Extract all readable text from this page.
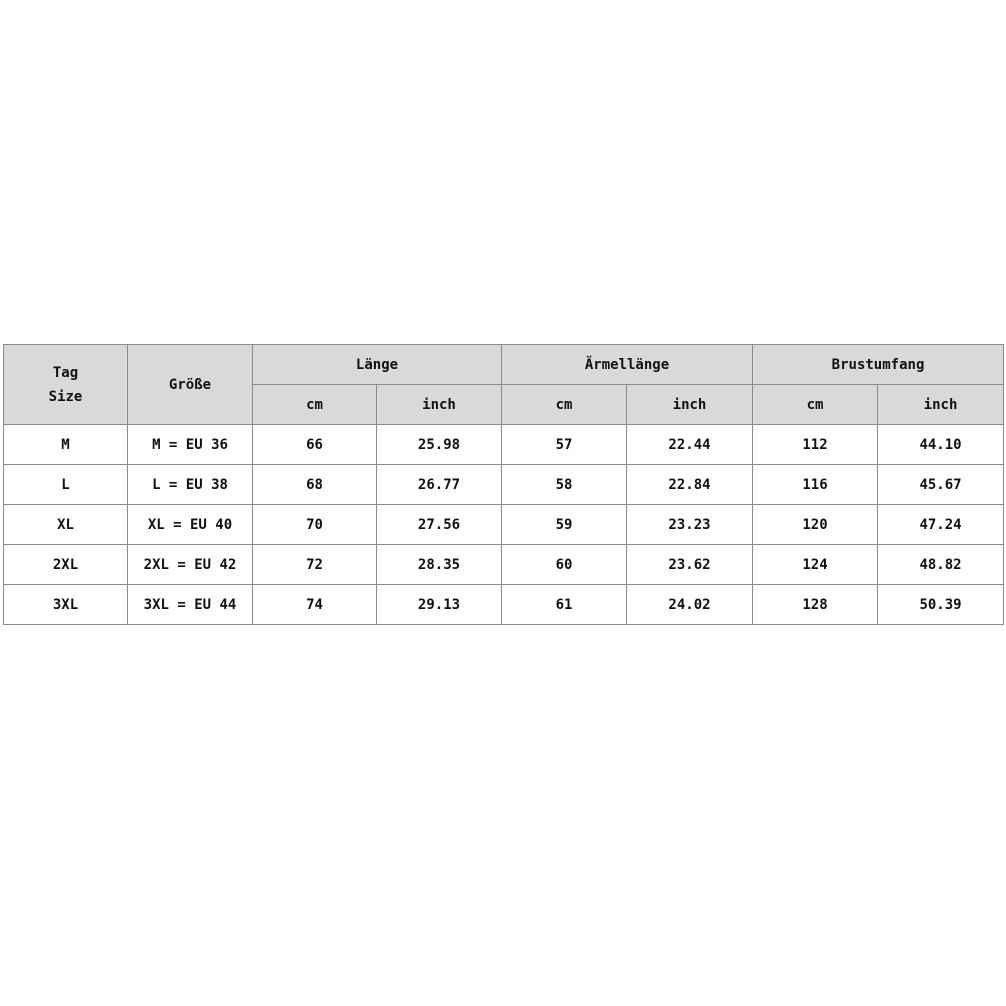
Tag
Size	Größe	Länge		Ärmellänge		Brustumfang	
		cm	inch	cm	inch	cm	inch
M	M = EU 36	66	25.98	57	22.44	112	44.10
L	L = EU 38	68	26.77	58	22.84	116	45.67
XL	XL = EU 40	70	27.56	59	23.23	120	47.24
2XL	2XL = EU 42	72	28.35	60	23.62	124	48.82
3XL	3XL = EU 44	74	29.13	61	24.02	128	50.39
